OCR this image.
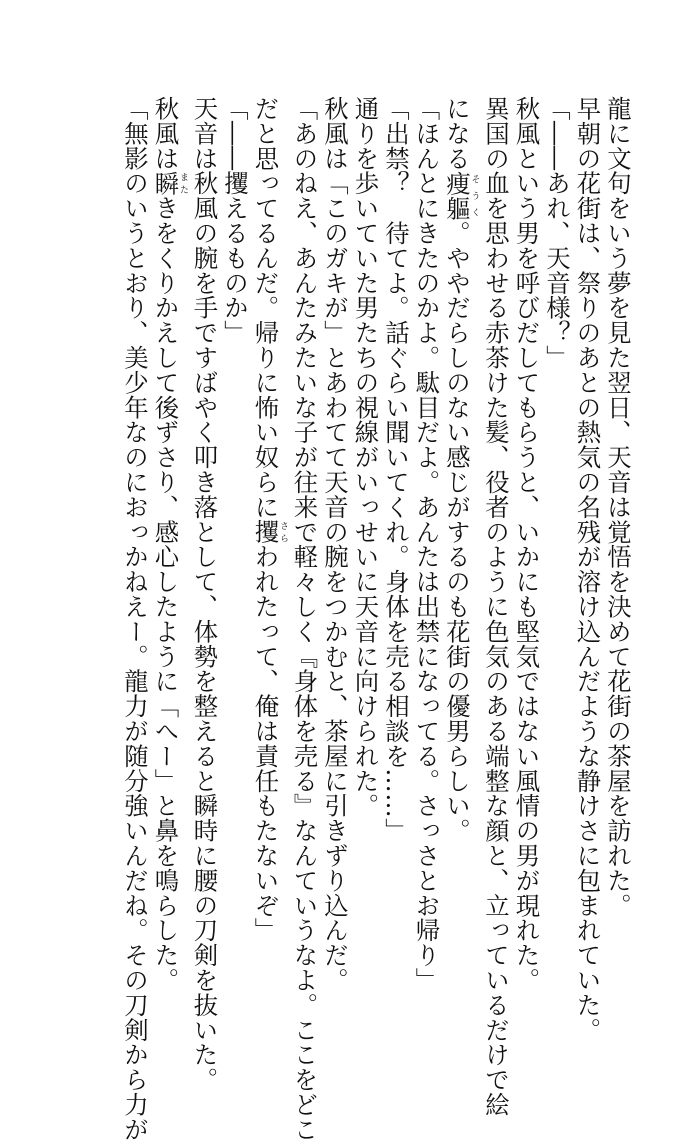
龍に文句をいう夢を見た翌日、天音は覚悟を決めて花街の茶屋を訪れた。
早朝の花街は、祭りのあとの熱気の名残が溶け込んだような静けさに包まれていた。
「――あれ、天音様？」
秋風という男を呼びだしてもらうと、いかにも堅気ではない風情の男が現れた。
異国の血を思わせる赤茶けた髪、役者のように色気のある端整な顔と、立っているだけで絵
になる痩軀そうく。ややだらしのない感じがするのも花街の優男らしい。
「ほんとにきたのかよ。駄目だよ。あんたは出禁になってる。さっさとお帰り」
「出禁？　待てよ。話ぐらい聞いてくれ。身体を売る相談を……」
通りを歩いていた男たちの視線がいっせいに天音に向けられた。
秋風は「このガキが」とあわてて天音の腕をつかむと、茶屋に引きずり込んだ。
「あのねえ、あんたみたいな子が往来で軽々しく『身体を売る』なんていうなよ。ここをどこ
だと思ってるんだ。帰りに怖い奴らに攫さらわれたって、俺は責任もたないぞ」
「――攫えるものか」
天音は秋風の腕を手ですばやく叩き落として、体勢を整えると瞬時に腰の刀剣を抜いた。
秋風は瞬またきをくりかえして後ずさり、感心したように「へー」と鼻を鳴らした。
「無影のいうとおり、美少年なのにおっかねえー。龍力が随分強いんだね。その刀剣から力が
